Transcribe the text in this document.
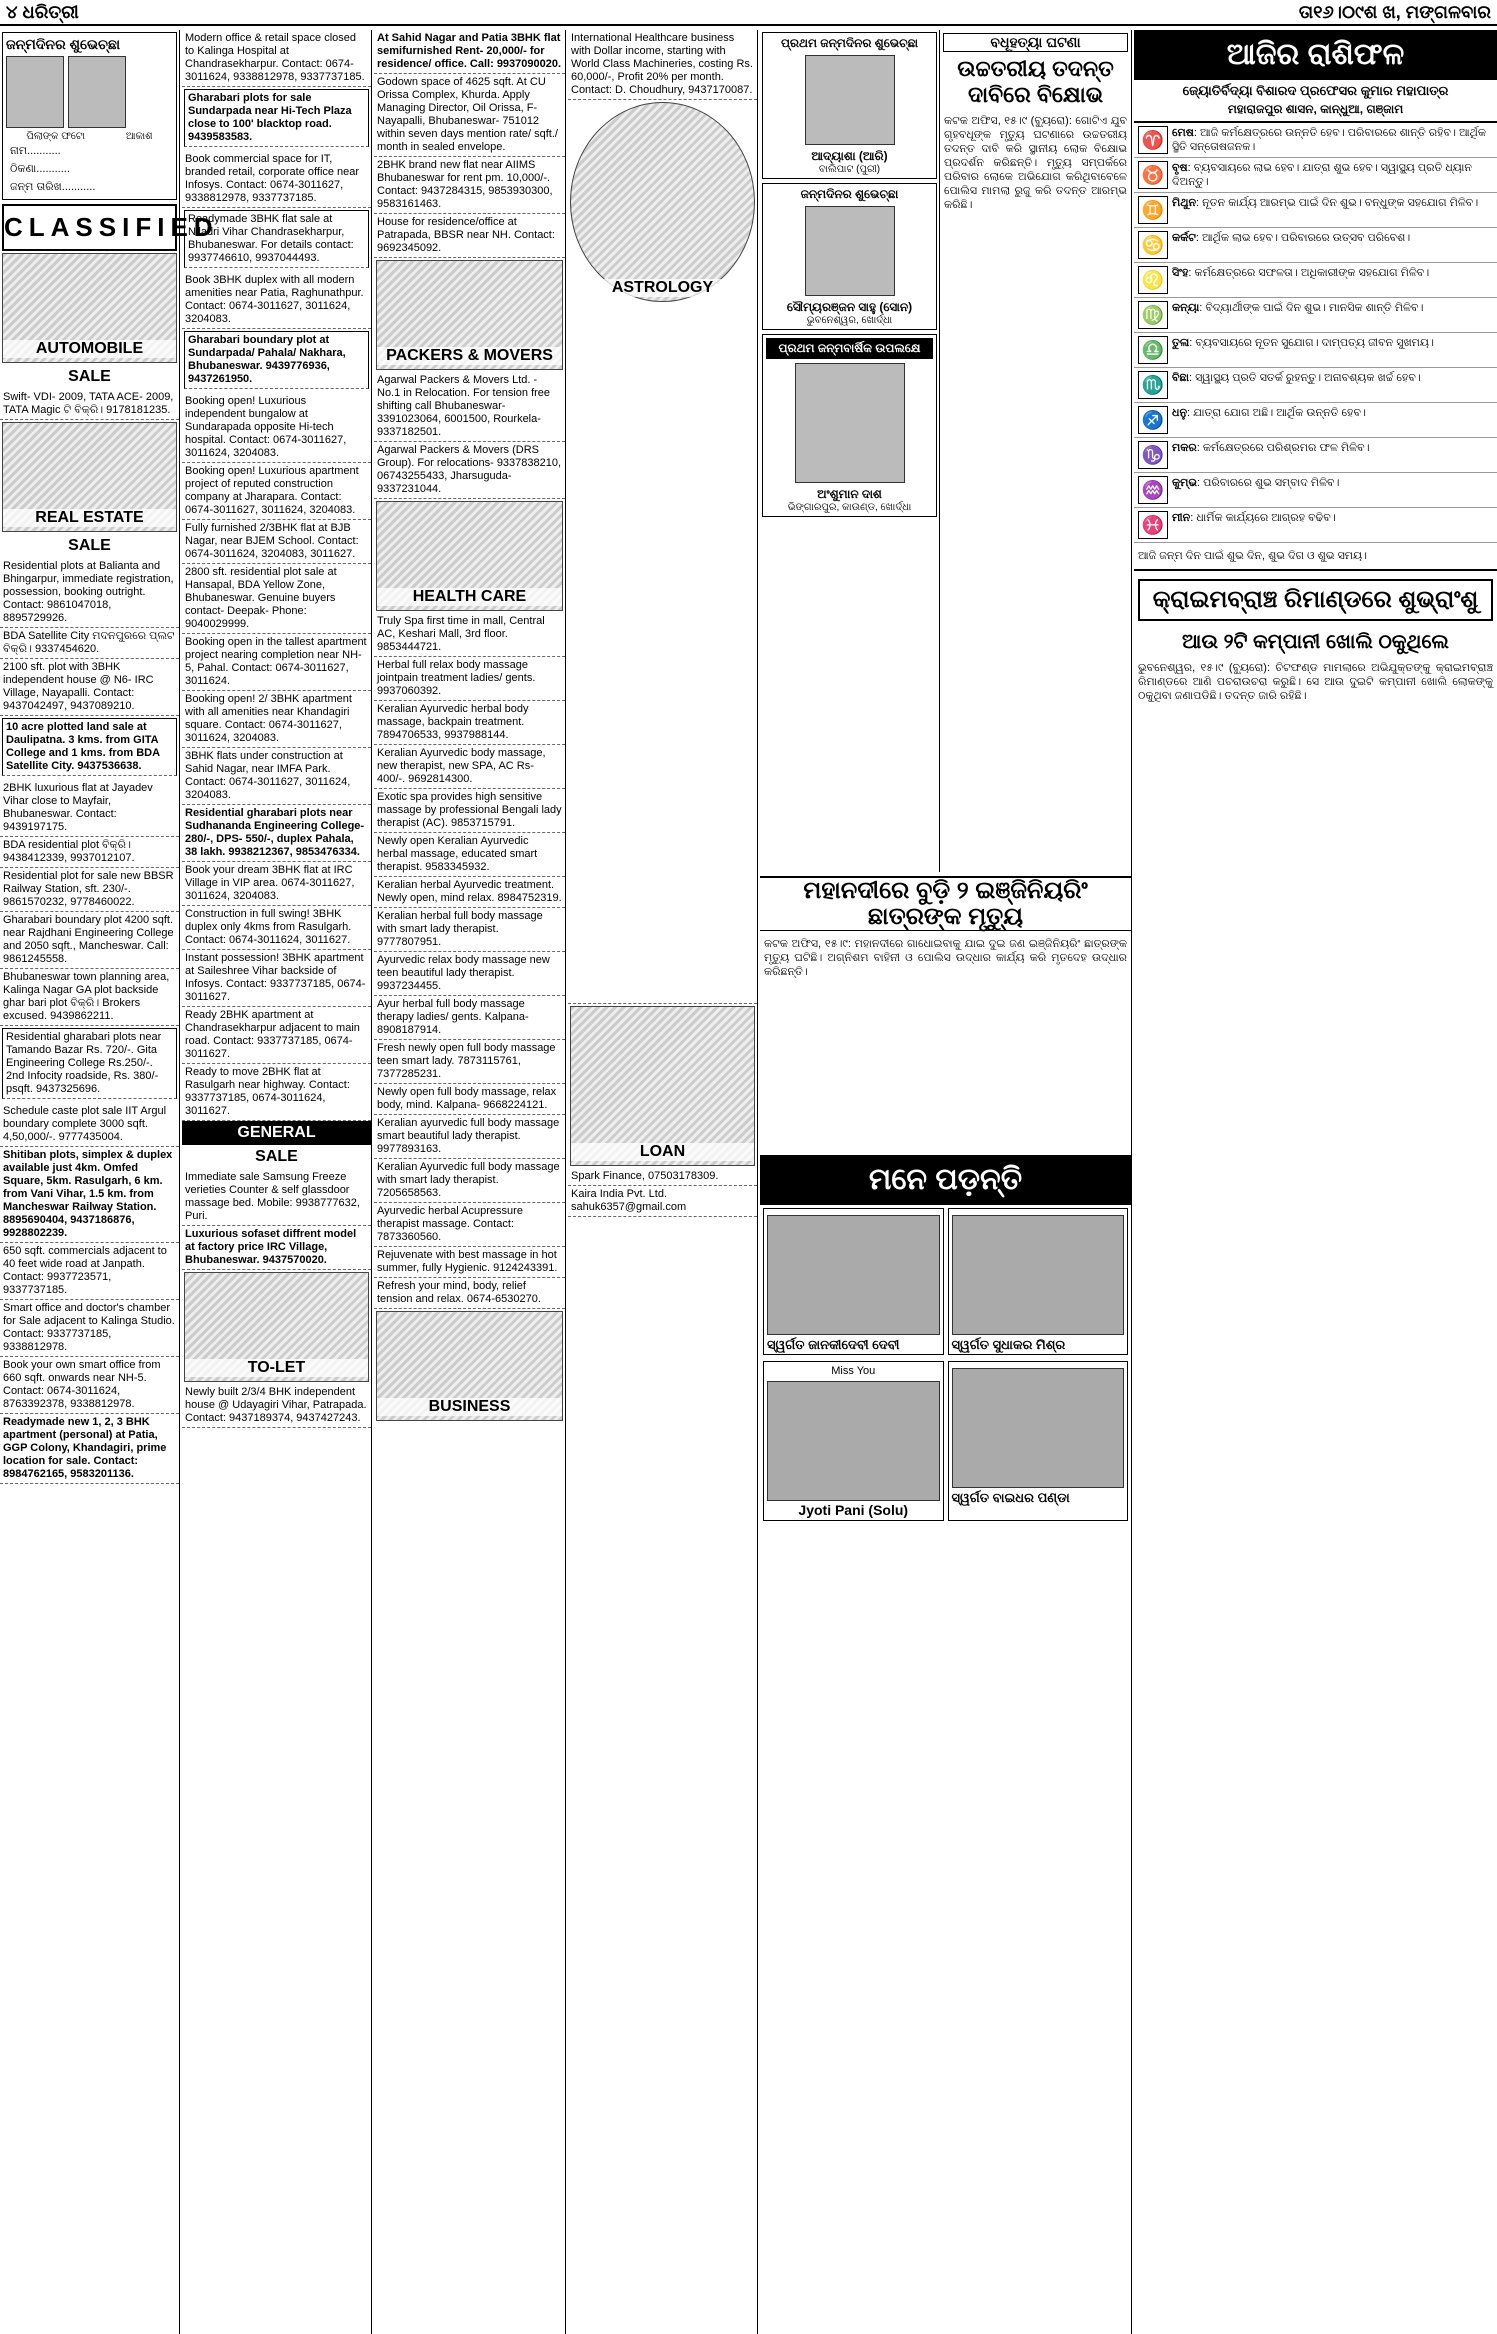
୪ ଧରିତ୍ରୀ	ତା୧୬।୦୯ଶ ଖ, ମଙ୍ଗଳବାର
ଜନ୍ମଦିନର ଶୁଭେଚ୍ଛା
ପିଲାଙ୍କ ଫଟୋ	ଆକାଶ
ନାମ...........
ଠିକଣା...........
ଜନ୍ମ ତାରିଖ...........
CLASSIFIED
AUTOMOBILE
SALE
Swift- VDI- 2009, TATA ACE- 2009, TATA Magic ଟି ବିକ୍ରି। 9178181235.
REAL ESTATE
SALE
Residential plots at Balianta and Bhingarpur, immediate registration, possession, booking outright. Contact: 9861047018, 8895729926.
BDA Satellite City ମଦନପୁରରେ ପ୍ଲଟ ବିକ୍ରି। 9337454620.
2100 sft. plot with 3BHK independent house @ N6- IRC Village, Nayapalli. Contact: 9437042497, 9437089210.
10 acre plotted land sale at Daulipatna. 3 kms. from GITA College and 1 kms. from BDA Satellite City. 9437536638.
2BHK luxurious flat at Jayadev Vihar close to Mayfair, Bhubaneswar. Contact: 9439197175.
BDA residential plot ବିକ୍ରି। 9438412339, 9937012107.
Residential plot for sale new BBSR Railway Station, sft. 230/-. 9861570232, 9778460022.
Gharabari boundary plot 4200 sqft. near Rajdhani Engineering College and 2050 sqft., Mancheswar. Call: 9861245558.
Bhubaneswar town planning area, Kalinga Nagar GA plot backside ghar bari plot ବିକ୍ରି। Brokers excused. 9439862211.
Residential gharabari plots near Tamando Bazar Rs. 720/-. Gita Engineering College Rs.250/-. 2nd Infocity roadside, Rs. 380/- psqft. 9437325696.
Schedule caste plot sale IIT Argul boundary complete 3000 sqft. 4,50,000/-. 9777435004.
Shitiban plots, simplex & duplex available just 4km. Omfed Square, 5km. Rasulgarh, 6 km. from Vani Vihar, 1.5 km. from Mancheswar Railway Station. 8895690404, 9437186876, 9928802239.
650 sqft. commercials adjacent to 40 feet wide road at Janpath. Contact: 9937723571, 9337737185.
Smart office and doctor's chamber for Sale adjacent to Kalinga Studio. Contact: 9337737185, 9338812978.
Book your own smart office from 660 sqft. onwards near NH-5. Contact: 0674-3011624, 8763392378, 9338812978.
Readymade new 1, 2, 3 BHK apartment (personal) at Patia, GGP Colony, Khandagiri, prime location for sale. Contact: 8984762165, 9583201136.
Modern office & retail space closed to Kalinga Hospital at Chandrasekharpur. Contact: 0674-3011624, 9338812978, 9337737185.
Gharabari plots for sale Sundarpada near Hi-Tech Plaza close to 100' blacktop road. 9439583583.
Book commercial space for IT, branded retail, corporate office near Infosys. Contact: 0674-3011627, 9338812978, 9337737185.
Readymade 3BHK flat sale at Niladri Vihar Chandrasekharpur, Bhubaneswar. For details contact: 9937746610, 9937044493.
Book 3BHK duplex with all modern amenities near Patia, Raghunathpur. Contact: 0674-3011627, 3011624, 3204083.
Gharabari boundary plot at Sundarpada/ Pahala/ Nakhara, Bhubaneswar. 9439776936, 9437261950.
Booking open! Luxurious independent bungalow at Sundarapada opposite Hi-tech hospital. Contact: 0674-3011627, 3011624, 3204083.
Booking open! Luxurious apartment project of reputed construction company at Jharapara. Contact: 0674-3011627, 3011624, 3204083.
Fully furnished 2/3BHK flat at BJB Nagar, near BJEM School. Contact: 0674-3011624, 3204083, 3011627.
2800 sft. residential plot sale at Hansapal, BDA Yellow Zone, Bhubaneswar. Genuine buyers contact- Deepak- Phone: 9040029999.
Booking open in the tallest apartment project nearing completion near NH-5, Pahal. Contact: 0674-3011627, 3011624.
Booking open! 2/ 3BHK apartment with all amenities near Khandagiri square. Contact: 0674-3011627, 3011624, 3204083.
3BHK flats under construction at Sahid Nagar, near IMFA Park. Contact: 0674-3011627, 3011624, 3204083.
Residential gharabari plots near Sudhananda Engineering College- 280/-, DPS- 550/-, duplex Pahala, 38 lakh. 9938212367, 9853476334.
Book your dream 3BHK flat at IRC Village in VIP area. 0674-3011627, 3011624, 3204083.
Construction in full swing! 3BHK duplex only 4kms from Rasulgarh. Contact: 0674-3011624, 3011627.
Instant possession! 3BHK apartment at Saileshree Vihar backside of Infosys. Contact: 9337737185, 0674-3011627.
Ready 2BHK apartment at Chandrasekharpur adjacent to main road. Contact: 9337737185, 0674-3011627.
Ready to move 2BHK flat at Rasulgarh near highway. Contact: 9337737185, 0674-3011624, 3011627.
GENERAL
SALE
Immediate sale Samsung Freeze verieties Counter & self glassdoor massage bed. Mobile: 9938777632, Puri.
Luxurious sofaset diffrent model at factory price IRC Village, Bhubaneswar. 9437570020.
TO-LET
Newly built 2/3/4 BHK independent house @ Udayagiri Vihar, Patrapada. Contact: 9437189374, 9437427243.
At Sahid Nagar and Patia 3BHK flat semifurnished Rent- 20,000/- for residence/ office. Call: 9937090020.
Godown space of 4625 sqft. At CU Orissa Complex, Khurda. Apply Managing Director, Oil Orissa, F- Nayapalli, Bhubaneswar- 751012 within seven days mention rate/ sqft./ month in sealed envelope.
2BHK brand new flat near AIIMS Bhubaneswar for rent pm. 10,000/-. Contact: 9437284315, 9853930300, 9583161463.
House for residence/office at Patrapada, BBSR near NH. Contact: 9692345092.
PACKERS & MOVERS
Agarwal Packers & Movers Ltd. - No.1 in Relocation. For tension free shifting call Bhubaneswar- 3391023064, 6001500, Rourkela- 9337182501.
Agarwal Packers & Movers (DRS Group). For relocations- 9337838210, 06743255433, Jharsuguda- 9337231044.
HEALTH CARE
Truly Spa first time in mall, Central AC, Keshari Mall, 3rd floor. 9853444721.
Herbal full relax body massage jointpain treatment ladies/ gents. 9937060392.
Keralian Ayurvedic herbal body massage, backpain treatment. 7894706533, 9937988144.
Keralian Ayurvedic body massage, new therapist, new SPA, AC Rs- 400/-. 9692814300.
Exotic spa provides high sensitive massage by professional Bengali lady therapist (AC). 9853715791.
Newly open Keralian Ayurvedic herbal massage, educated smart therapist. 9583345932.
Keralian herbal Ayurvedic treatment. Newly open, mind relax. 8984752319.
Keralian herbal full body massage with smart lady therapist. 9777807951.
Ayurvedic relax body massage new teen beautiful lady therapist. 9937234455.
Ayur herbal full body massage therapy ladies/ gents. Kalpana- 8908187914.
Fresh newly open full body massage teen smart lady. 7873115761, 7377285231.
Newly open full body massage, relax body, mind. Kalpana- 9668224121.
Keralian ayurvedic full body massage smart beautiful lady therapist. 9977893163.
Keralian Ayurvedic full body massage with smart lady therapist. 7205658563.
Ayurvedic herbal Acupressure therapist massage. Contact: 7873360560.
Rejuvenate with best massage in hot summer, fully Hygienic. 9124243391.
Refresh your mind, body, relief tension and relax. 0674-6530270.
BUSINESS
International Healthcare business with Dollar income, starting with World Class Machineries, costing Rs. 60,000/-, Profit 20% per month. Contact: D. Choudhury, 9437170087.
ASTROLOGY
LOAN
Spark Finance, 07503178309.
Kaira India Pvt. Ltd. sahuk6357@gmail.com
ପ୍ରଥମ ଜନ୍ମଦିନର ଶୁଭେଚ୍ଛା
ଆଦ୍ୟାଶା (ଆରି)
ବାଲିପାଟ (ପୁରୀ)
ଜନ୍ମଦିନର ଶୁଭେଚ୍ଛା
ସୌମ୍ୟରଞ୍ଜନ ସାହୁ (ସୋନ)
ଭୁବନେଶ୍ୱର, ଖୋର୍ଦ୍ଧା
ପ୍ରଥମ ଜନ୍ମବାର୍ଷିକ ଉପଲକ୍ଷେ
ଅଂଶୁମାନ ଦାଶ
ଭିଙ୍ଗାରପୁର, କାଉଣ୍ଡ, ଖୋର୍ଦ୍ଧା
ବଧୂହତ୍ୟା ଘଟଣା
ଉଚ୍ଚତରୀୟ ତଦନ୍ତ ଦାବିରେ ବିକ୍ଷୋଭ
କଟକ ଅଫିସ, ୧୫।୯ (ବ୍ୟୁରୋ): ଗୋଟିଏ ଯୁବ ଗୃହବଧୂଙ୍କ ମୃତ୍ୟୁ ଘଟଣାରେ ଉଚ୍ଚତରୀୟ ତଦନ୍ତ ଦାବି କରି ସ୍ଥାନୀୟ ଲୋକ ବିକ୍ଷୋଭ ପ୍ରଦର୍ଶନ କରିଛନ୍ତି। ମୃତ୍ୟୁ ସମ୍ପର୍କରେ ପରିବାର ଲୋକେ ଅଭିଯୋଗ କରିଥିବାବେଳେ ପୋଲିସ ମାମଲା ରୁଜୁ କରି ତଦନ୍ତ ଆରମ୍ଭ କରିଛି।
ମହାନଦୀରେ ବୁଡ଼ି ୨ ଇଞ୍ଜିନିୟରିଂ ଛାତ୍ରଙ୍କ ମୃତ୍ୟୁ
କଟକ ଅଫିସ, ୧୫।୯: ମହାନଦୀରେ ଗାଧୋଇବାକୁ ଯାଇ ଦୁଇ ଜଣ ଇଞ୍ଜିନିୟରିଂ ଛାତ୍ରଙ୍କ ମୃତ୍ୟୁ ଘଟିଛି। ଅଗ୍ନିଶମ ବାହିନୀ ଓ ପୋଲିସ ଉଦ୍ଧାର କାର୍ଯ୍ୟ କରି ମୃତଦେହ ଉଦ୍ଧାର କରିଛନ୍ତି।
ମନେ ପଡ଼ନ୍ତି
ସ୍ୱର୍ଗତ ଜାନକୀଦେବୀ ଦେବୀ	ସ୍ୱର୍ଗତ ସୁଧାକର ମିଶ୍ର
Miss You
Jyoti Pani (Solu)
ସ୍ୱର୍ଗତ ବାଇଧର ପଣ୍ଡା
ଆଜିର ରାଶିଫଳ
ଜ୍ୟୋତିର୍ବିଦ୍ୟା ବିଶାରଦ ପ୍ରଫେସର କୁମାର ମହାପାତ୍ର
ମହାରାଜପୁର ଶାସନ, କାନ୍ଧୁଆ, ଗଞ୍ଜାମ
♈ ମେଷ: ଆଜି କର୍ମକ୍ଷେତ୍ରରେ ଉନ୍ନତି ହେବ। ପରିବାରରେ ଶାନ୍ତି ରହିବ। ଆର୍ଥିକ ସ୍ଥିତି ସନ୍ତୋଷଜନକ।
♉ ବୃଷ: ବ୍ୟବସାୟରେ ଲାଭ ହେବ। ଯାତ୍ରା ଶୁଭ ହେବ। ସ୍ୱାସ୍ଥ୍ୟ ପ୍ରତି ଧ୍ୟାନ ଦିଅନ୍ତୁ।
♊ ମିଥୁନ: ନୂତନ କାର୍ଯ୍ୟ ଆରମ୍ଭ ପାଇଁ ଦିନ ଶୁଭ। ବନ୍ଧୁଙ୍କ ସହଯୋଗ ମିଳିବ।
♋ କର୍କଟ: ଆର୍ଥିକ ଲାଭ ହେବ। ପରିବାରରେ ଉତ୍ସବ ପରିବେଶ।
♌ ସିଂହ: କର୍ମକ୍ଷେତ୍ରରେ ସଫଳତା। ଅଧିକାରୀଙ୍କ ସହଯୋଗ ମିଳିବ।
♍ କନ୍ୟା: ବିଦ୍ୟାର୍ଥୀଙ୍କ ପାଇଁ ଦିନ ଶୁଭ। ମାନସିକ ଶାନ୍ତି ମିଳିବ।
♎ ତୁଳା: ବ୍ୟବସାୟରେ ନୂତନ ସୁଯୋଗ। ଦାମ୍ପତ୍ୟ ଜୀବନ ସୁଖମୟ।
♏ ବିଛା: ସ୍ୱାସ୍ଥ୍ୟ ପ୍ରତି ସତର୍କ ରୁହନ୍ତୁ। ଅନାବଶ୍ୟକ ଖର୍ଚ୍ଚ ହେବ।
♐ ଧନୁ: ଯାତ୍ରା ଯୋଗ ଅଛି। ଆର୍ଥିକ ଉନ୍ନତି ହେବ।
♑ ମକର: କର୍ମକ୍ଷେତ୍ରରେ ପରିଶ୍ରମର ଫଳ ମିଳିବ।
♒ କୁମ୍ଭ: ପରିବାରରେ ଶୁଭ ସମ୍ବାଦ ମିଳିବ।
♓ ମୀନ: ଧାର୍ମିକ କାର୍ଯ୍ୟରେ ଆଗ୍ରହ ବଢିବ।
ଆଜି ଜନ୍ମ ଦିନ ପାଇଁ ଶୁଭ ଦିନ, ଶୁଭ ଦିଗ ଓ ଶୁଭ ସମୟ।
କ୍ରାଇମବ୍ରାଞ୍ଚ ରିମାଣ୍ଡରେ ଶୁଭ୍ରାଂଶୁ
ଆଉ ୨ଟି କମ୍ପାନୀ ଖୋଲି ଠକୁଥିଲେ
ଭୁବନେଶ୍ୱର, ୧୫।୯ (ବ୍ୟୁରୋ): ଚିଟଫଣ୍ଡ ମାମଲାରେ ଅଭିଯୁକ୍ତଙ୍କୁ କ୍ରାଇମବ୍ରାଞ୍ଚ ରିମାଣ୍ଡରେ ଆଣି ପଚରାଉଚରା କରୁଛି। ସେ ଆଉ ଦୁଇଟି କମ୍ପାନୀ ଖୋଲି ଲୋକଙ୍କୁ ଠକୁଥିବା ଜଣାପଡିଛି। ତଦନ୍ତ ଜାରି ରହିଛି।
